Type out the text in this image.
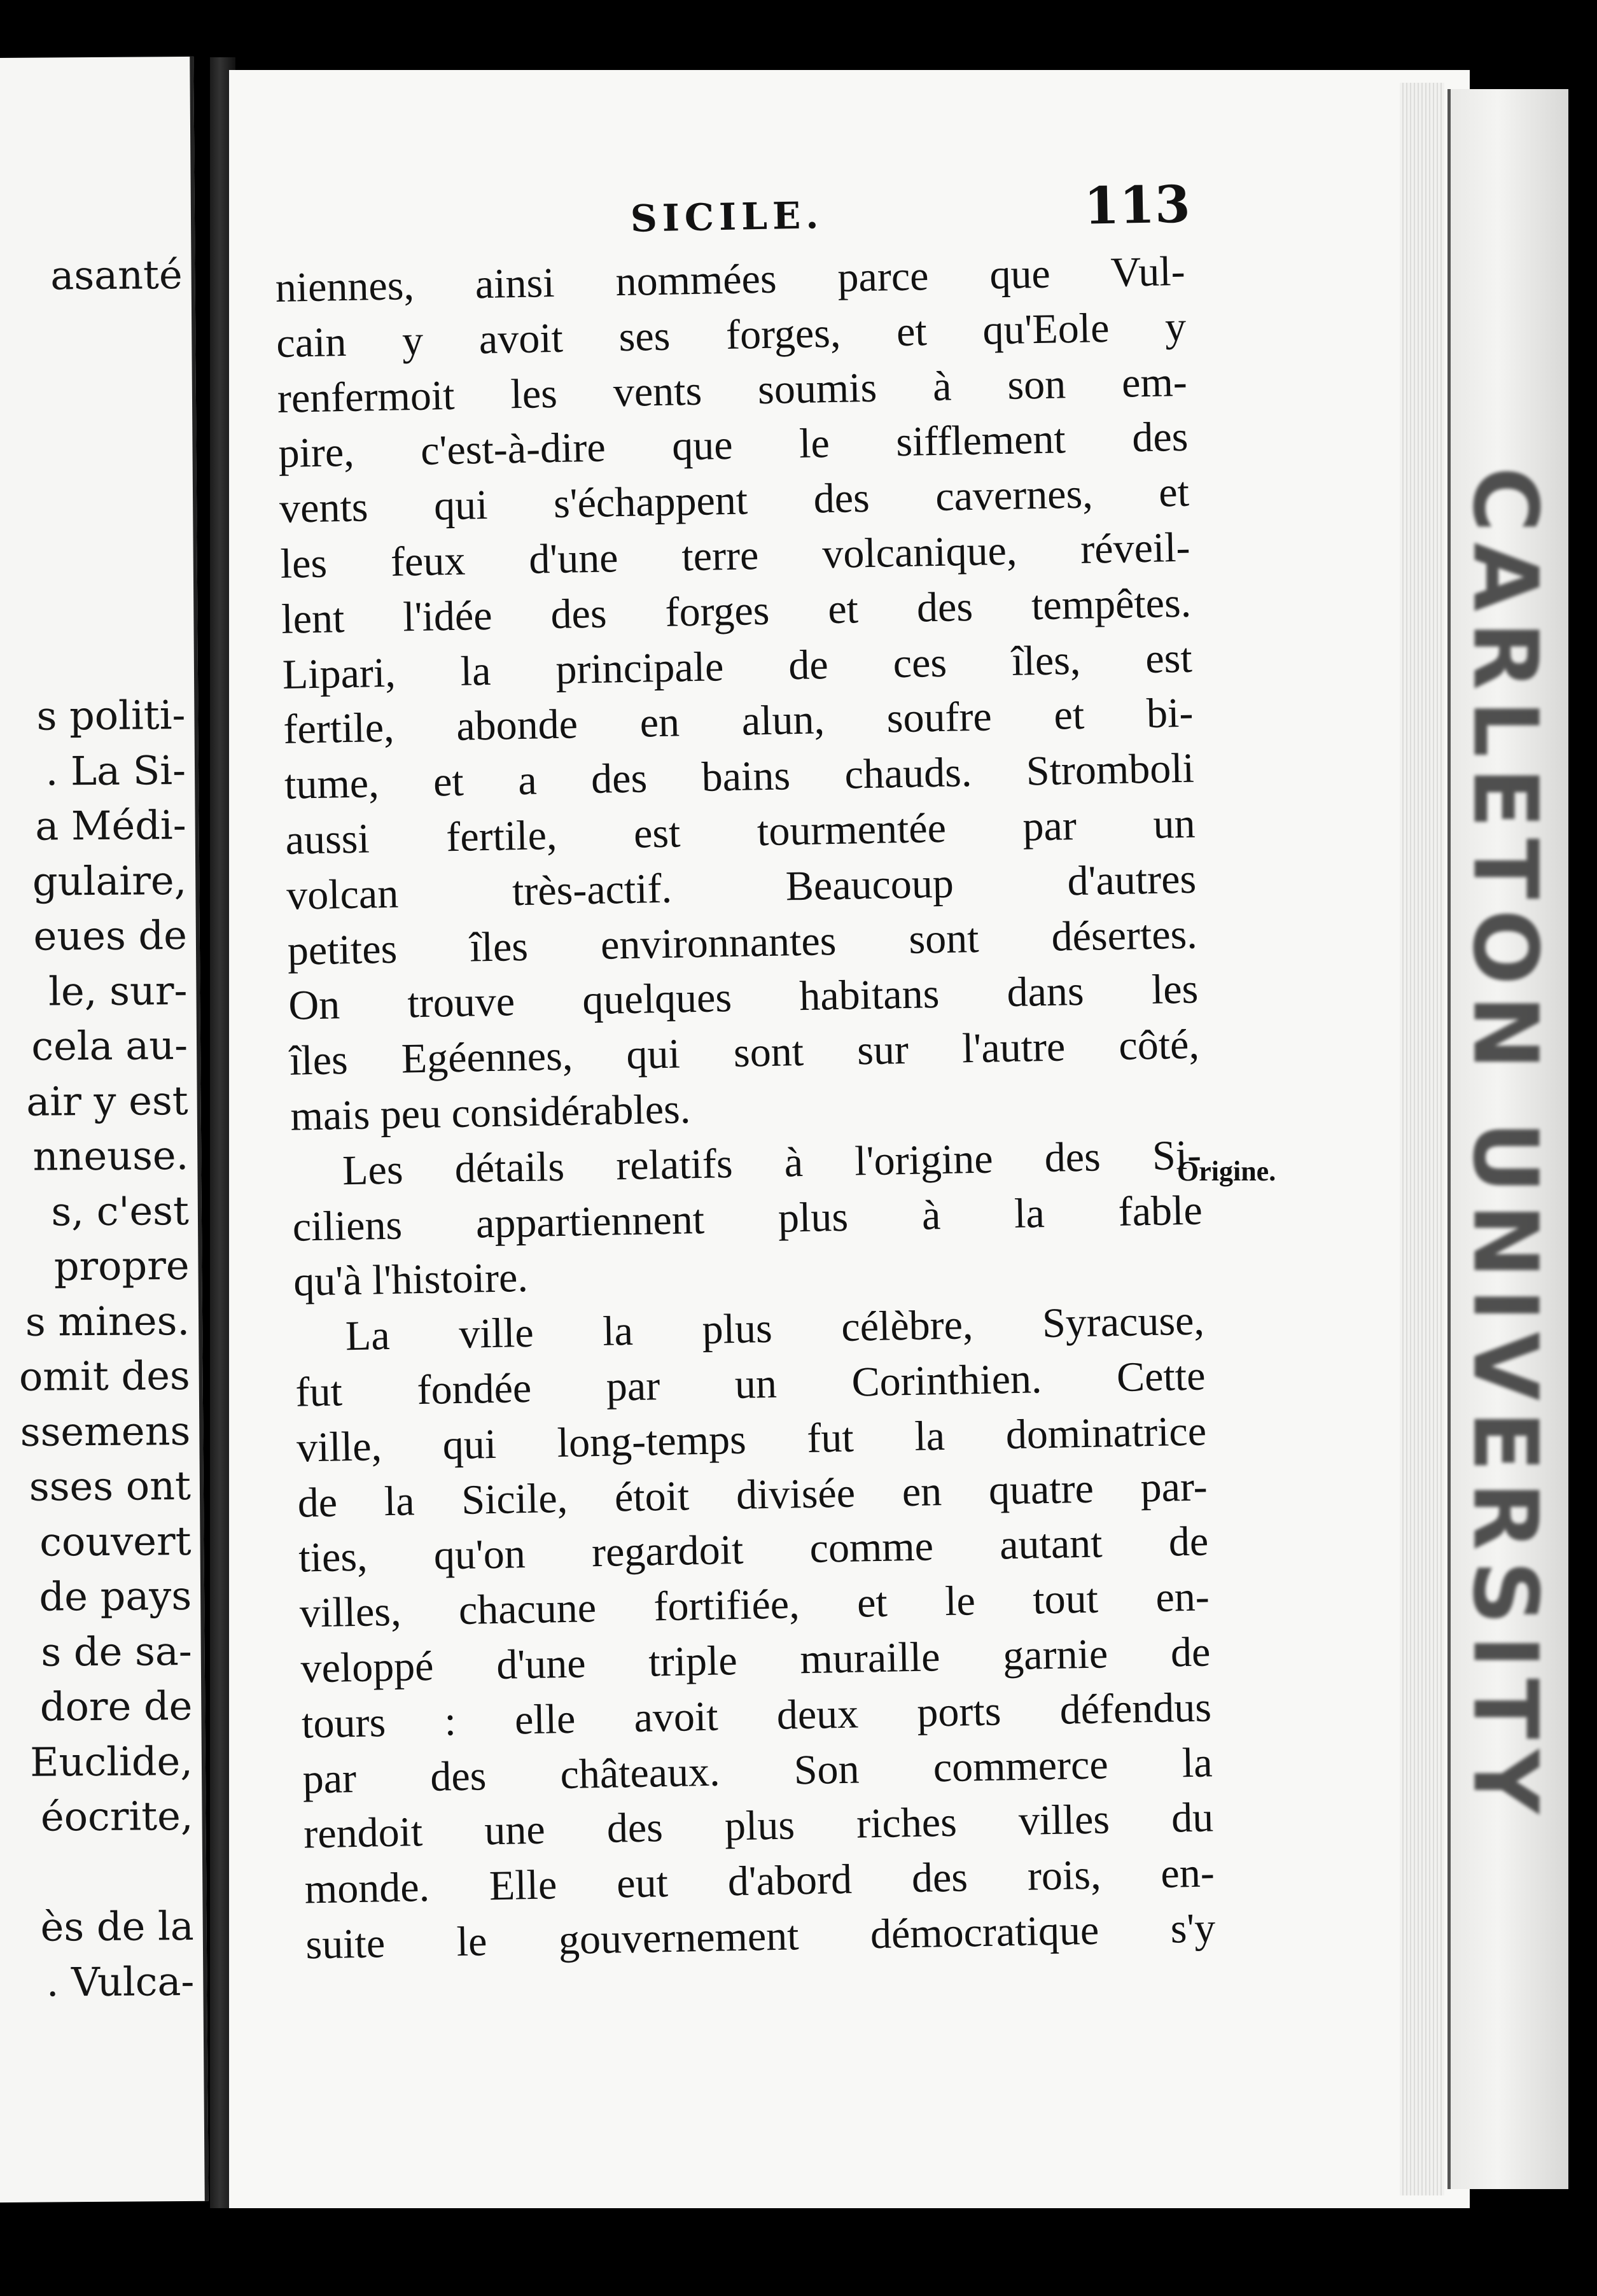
asanté
s politi-
. La Si-
a Médi-
gulaire,
eues de
le, sur-
cela au-
air y est
nneuse.
s, c'est
propre
s mines.
omit des
ssemens
sses ont
couvert
de pays
s de sa-
dore de
Euclide,
éocrite,
ès de la
. Vulca-
SICILE.	113
niennes, ainsi nommées parce que Vul-
cain y avoit ses forges, et qu'Eole y
renfermoit les vents soumis à son em-
pire, c'est-à-dire que le sifflement des
vents qui s'échappent des cavernes, et
les feux d'une terre volcanique, réveil-
lent l'idée des forges et des tempêtes.
Lipari, la principale de ces îles, est
fertile, abonde en alun, soufre et bi-
tume, et a des bains chauds. Stromboli
aussi fertile, est tourmentée par un
volcan très-actif. Beaucoup d'autres
petites îles environnantes sont désertes.
On trouve quelques habitans dans les
îles Egéennes, qui sont sur l'autre côté,
mais peu considérables.
Les détails relatifs à l'origine des Si-
ciliens appartiennent plus à la fable
qu'à l'histoire.
La ville la plus célèbre, Syracuse,
fut fondée par un Corinthien. Cette
ville, qui long-temps fut la dominatrice
de la Sicile, étoit divisée en quatre par-
ties, qu'on regardoit comme autant de
villes, chacune fortifiée, et le tout en-
veloppé d'une triple muraille garnie de
tours : elle avoit deux ports défendus
par des châteaux. Son commerce la
rendoit une des plus riches villes du
monde. Elle eut d'abord des rois, en-
suite le gouvernement démocratique s'y
Origine. CARLETON UNIVERSITY
